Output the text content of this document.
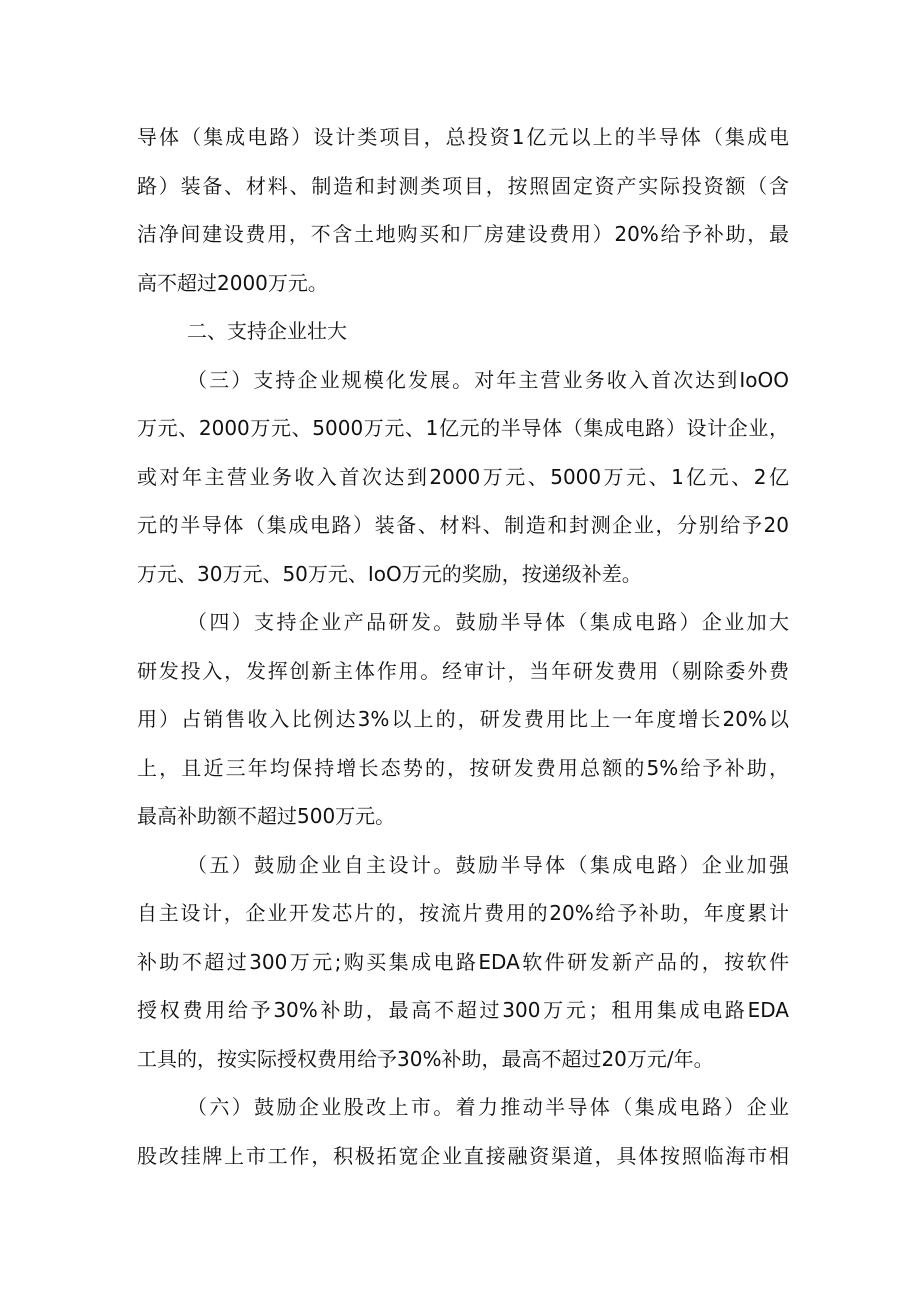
导体（集成电路）设计类项目，总投资1亿元以上的半导体（集成电
路）装备、材料、制造和封测类项目，按照固定资产实际投资额（含
洁净间建设费用，不含土地购买和厂房建设费用）20%给予补助，最
高不超过2000万元。
二、支持企业壮大
（三）支持企业规模化发展。对年主营业务收入首次达到IoOO
万元、2000万元、5000万元、1亿元的半导体（集成电路）设计企业，
或对年主营业务收入首次达到2000万元、5000万元、1亿元、2亿
元的半导体（集成电路）装备、材料、制造和封测企业，分别给予20
万元、30万元、50万元、IoO万元的奖励，按递级补差。
（四）支持企业产品研发。鼓励半导体（集成电路）企业加大
研发投入，发挥创新主体作用。经审计，当年研发费用（剔除委外费
用）占销售收入比例达3%以上的，研发费用比上一年度增长20%以
上，且近三年均保持增长态势的，按研发费用总额的5%给予补助，
最高补助额不超过500万元。
（五）鼓励企业自主设计。鼓励半导体（集成电路）企业加强
自主设计，企业开发芯片的，按流片费用的20%给予补助，年度累计
补助不超过300万元;购买集成电路EDA软件研发新产品的，按软件
授权费用给予30%补助，最高不超过300万元；租用集成电路EDA
工具的，按实际授权费用给予30%补助，最高不超过20万元/年。
（六）鼓励企业股改上市。着力推动半导体（集成电路）企业
股改挂牌上市工作，积极拓宽企业直接融资渠道，具体按照临海市相
